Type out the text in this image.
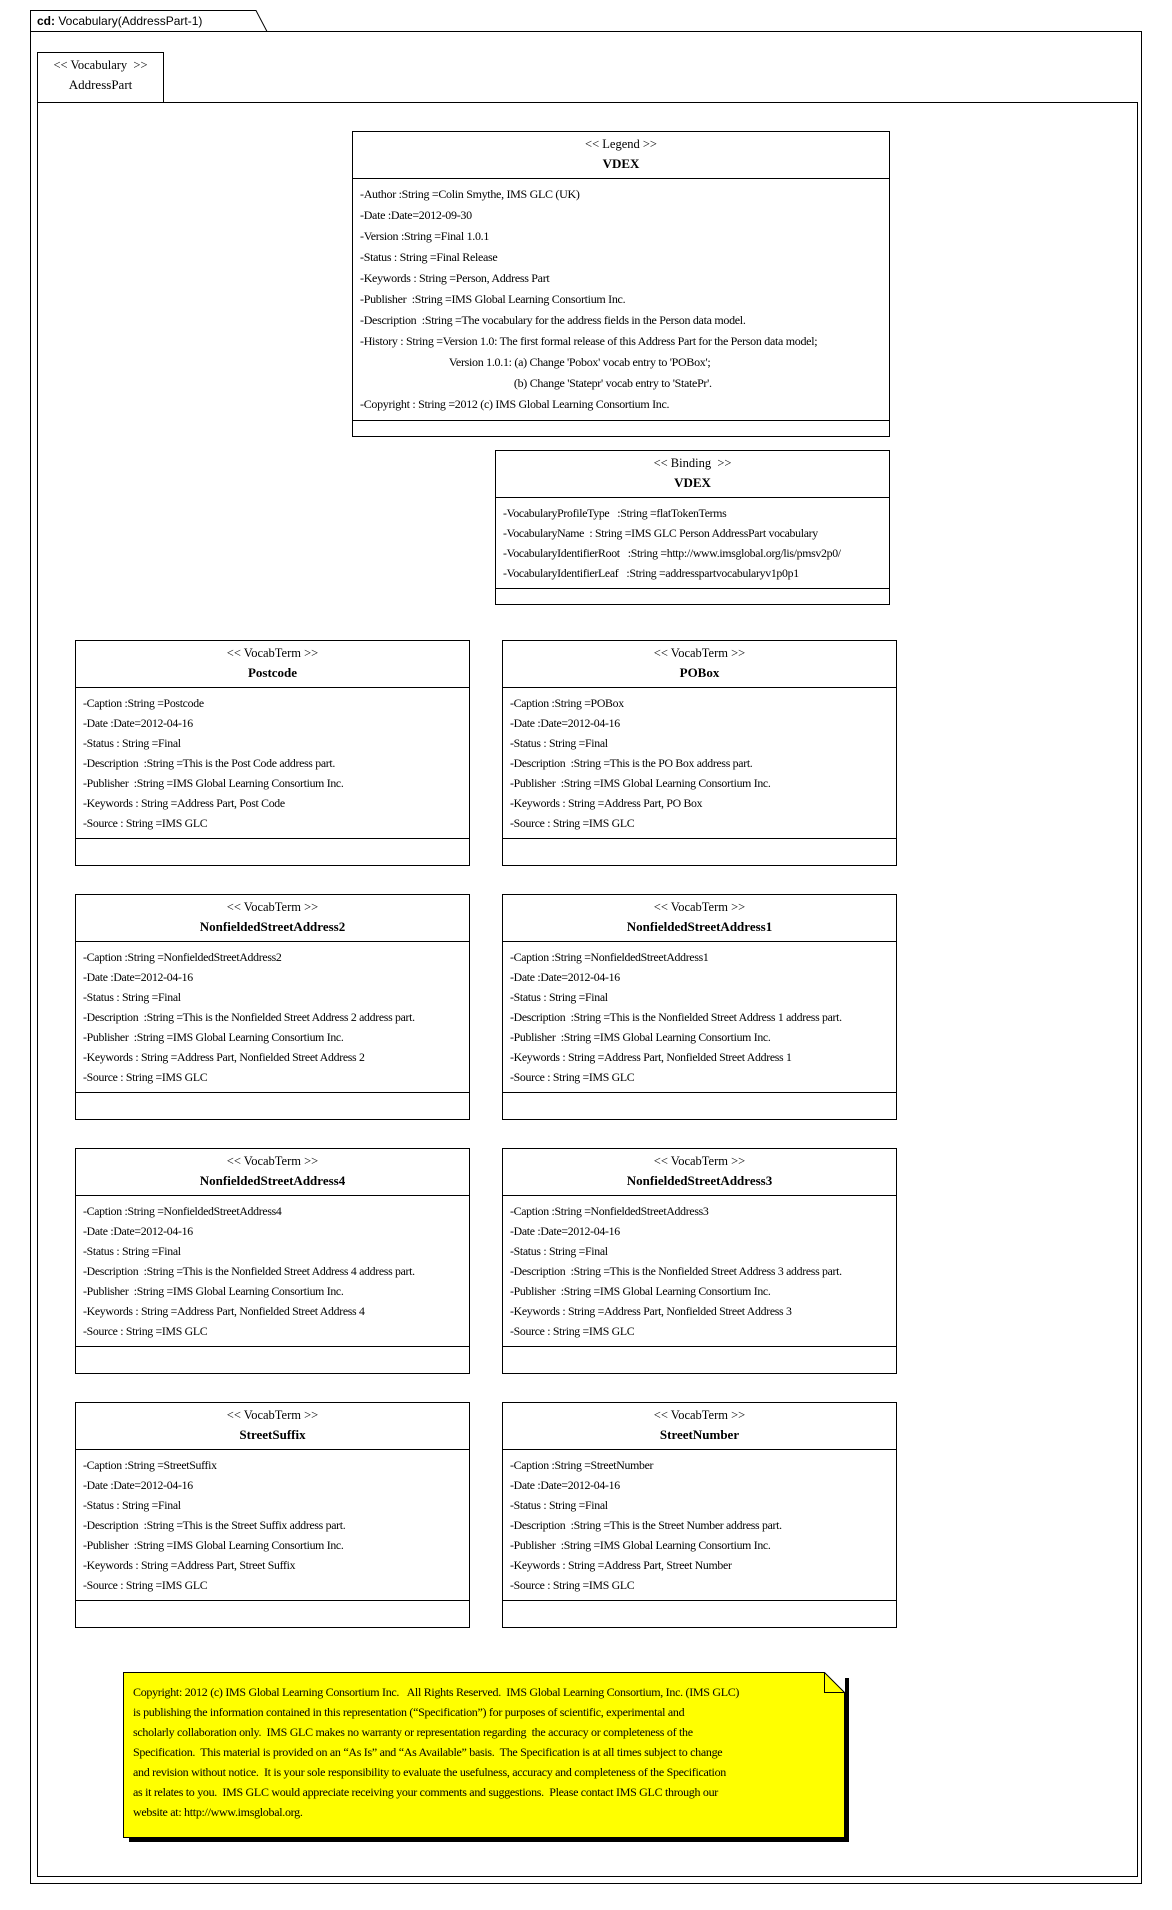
cd: Vocabulary(AddressPart-1)
<< Vocabulary  >>
AddressPart
<< Legend >>
VDEX
-Author :String =Colin Smythe, IMS GLC (UK)
-Date :Date=2012-09-30
-Version :String =Final 1.0.1
-Status : String =Final Release
-Keywords : String =Person, Address Part
-Publisher  :String =IMS Global Learning Consortium Inc.
-Description  :String =The vocabulary for the address fields in the Person data model.
-History : String =Version 1.0: The first formal release of this Address Part for the Person data model;
Version 1.0.1: (a) Change 'Pobox' vocab entry to 'POBox';
(b) Change 'Statepr' vocab entry to 'StatePr'.
-Copyright : String =2012 (c) IMS Global Learning Consortium Inc.
<< Binding  >>
VDEX
-VocabularyProfileType   :String =flatTokenTerms
-VocabularyName  : String =IMS GLC Person AddressPart vocabulary
-VocabularyIdentifierRoot   :String =http://www.imsglobal.org/lis/pmsv2p0/
-VocabularyIdentifierLeaf   :String =addresspartvocabularyv1p0p1
<< VocabTerm >>
Postcode
-Caption :String =Postcode
-Date :Date=2012-04-16
-Status : String =Final
-Description  :String =This is the Post Code address part.
-Publisher  :String =IMS Global Learning Consortium Inc.
-Keywords : String =Address Part, Post Code
-Source : String =IMS GLC
<< VocabTerm >>
POBox
-Caption :String =POBox
-Date :Date=2012-04-16
-Status : String =Final
-Description  :String =This is the PO Box address part.
-Publisher  :String =IMS Global Learning Consortium Inc.
-Keywords : String =Address Part, PO Box
-Source : String =IMS GLC
<< VocabTerm >>
NonfieldedStreetAddress2
-Caption :String =NonfieldedStreetAddress2
-Date :Date=2012-04-16
-Status : String =Final
-Description  :String =This is the Nonfielded Street Address 2 address part.
-Publisher  :String =IMS Global Learning Consortium Inc.
-Keywords : String =Address Part, Nonfielded Street Address 2
-Source : String =IMS GLC
<< VocabTerm >>
NonfieldedStreetAddress1
-Caption :String =NonfieldedStreetAddress1
-Date :Date=2012-04-16
-Status : String =Final
-Description  :String =This is the Nonfielded Street Address 1 address part.
-Publisher  :String =IMS Global Learning Consortium Inc.
-Keywords : String =Address Part, Nonfielded Street Address 1
-Source : String =IMS GLC
<< VocabTerm >>
NonfieldedStreetAddress4
-Caption :String =NonfieldedStreetAddress4
-Date :Date=2012-04-16
-Status : String =Final
-Description  :String =This is the Nonfielded Street Address 4 address part.
-Publisher  :String =IMS Global Learning Consortium Inc.
-Keywords : String =Address Part, Nonfielded Street Address 4
-Source : String =IMS GLC
<< VocabTerm >>
NonfieldedStreetAddress3
-Caption :String =NonfieldedStreetAddress3
-Date :Date=2012-04-16
-Status : String =Final
-Description  :String =This is the Nonfielded Street Address 3 address part.
-Publisher  :String =IMS Global Learning Consortium Inc.
-Keywords : String =Address Part, Nonfielded Street Address 3
-Source : String =IMS GLC
<< VocabTerm >>
StreetSuffix
-Caption :String =StreetSuffix
-Date :Date=2012-04-16
-Status : String =Final
-Description  :String =This is the Street Suffix address part.
-Publisher  :String =IMS Global Learning Consortium Inc.
-Keywords : String =Address Part, Street Suffix
-Source : String =IMS GLC
<< VocabTerm >>
StreetNumber
-Caption :String =StreetNumber
-Date :Date=2012-04-16
-Status : String =Final
-Description  :String =This is the Street Number address part.
-Publisher  :String =IMS Global Learning Consortium Inc.
-Keywords : String =Address Part, Street Number
-Source : String =IMS GLC
Copyright: 2012 (c) IMS Global Learning Consortium Inc.   All Rights Reserved.  IMS Global Learning Consortium, Inc. (IMS GLC)
is publishing the information contained in this representation (“Specification”) for purposes of scientific, experimental and
scholarly collaboration only.  IMS GLC makes no warranty or representation regarding  the accuracy or completeness of the
Specification.  This material is provided on an “As Is” and “As Available” basis.  The Specification is at all times subject to change
and revision without notice.  It is your sole responsibility to evaluate the usefulness, accuracy and completeness of the Specification
as it relates to you.  IMS GLC would appreciate receiving your comments and suggestions.  Please contact IMS GLC through our
website at: http://www.imsglobal.org.
